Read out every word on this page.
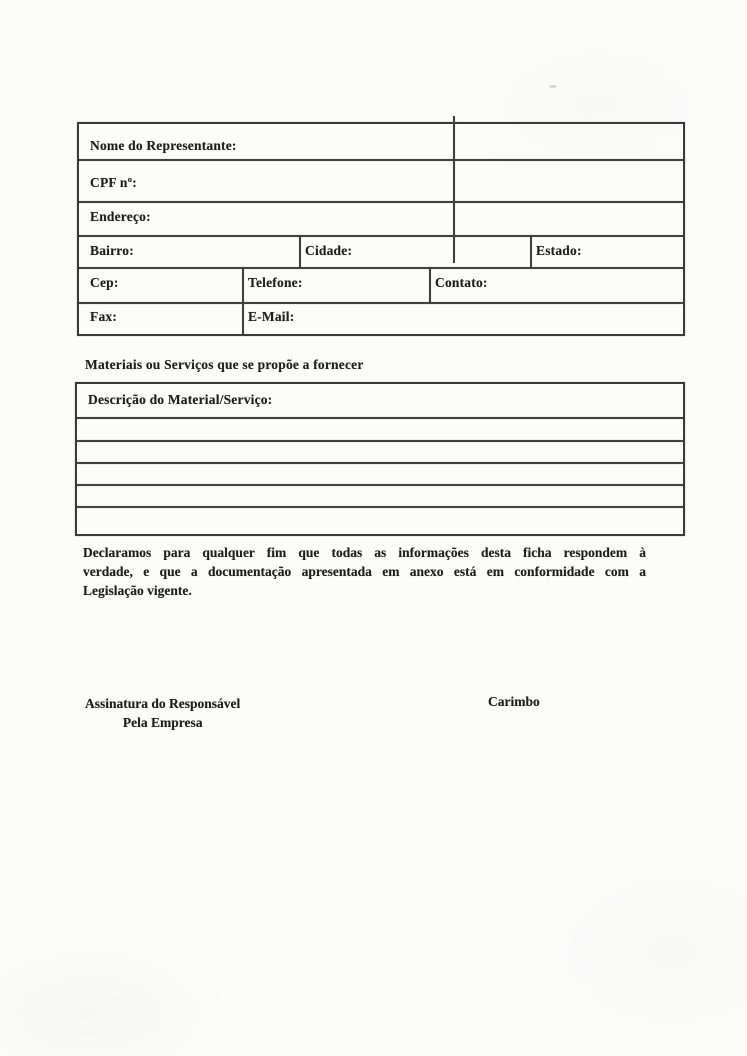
Nome do Representante:
CPF nº:
Endereço:
Bairro:	Cidade:	Estado:
Cep:	Telefone:	Contato:
Fax:	E-Mail:
Materiais ou Serviços que se propõe a fornecer
Descrição do Material/Serviço:
Declaramos para qualquer fim que todas as informações desta ficha respondem à
verdade, e que a documentação apresentada em anexo está em conformidade com a
Legislação vigente.
Assinatura do Responsável
Pela Empresa
Carimbo
